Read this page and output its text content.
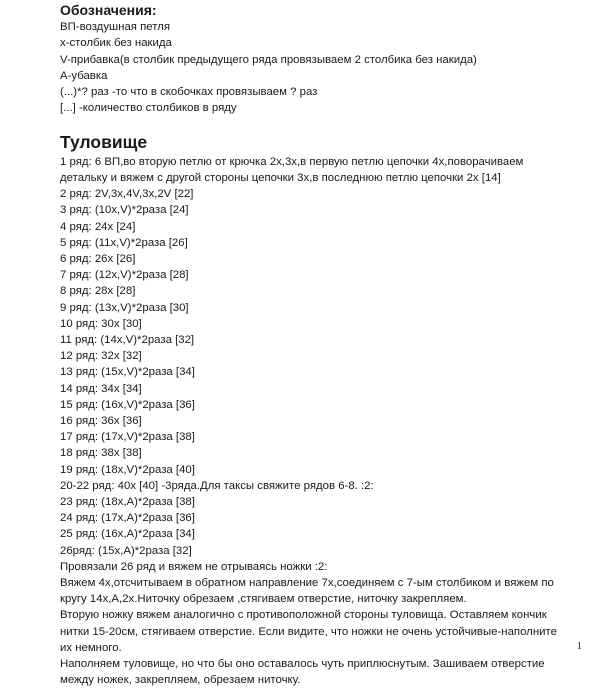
Обозначения:

ВП-воздушная петля

х-столбик без накида

V-прибавка(в столбик предыдущего ряда провязываем 2 столбика без накида)

А-убавка

(...)*? раз -то что в скобочках провязываем ? раз

[...] -количество столбиков в ряду

Туловище

1 ряд: 6 ВП,во вторую петлю от крючка 2х,3х,в первую петлю цепочки 4х,поворачиваем

детальку и вяжем с другой стороны цепочки 3х,в последнюю петлю цепочки 2х [14]

2 ряд: 2V,3х,4V,3х,2V [22]

3 ряд: (10х,V)*2раза [24]

4 ряд: 24х [24]

5 ряд: (11х,V)*2раза [26]

6 ряд: 26х [26]

7 ряд: (12х,V)*2раза [28]

8 ряд: 28х [28]

9 ряд: (13х,V)*2раза [30]

10 ряд: 30х [30]

11 ряд: (14х,V)*2раза [32]

12 ряд: 32х [32]

13 ряд: (15х,V)*2раза [34]

14 ряд: 34х [34]

15 ряд: (16х,V)*2раза [36]

16 ряд: 36х [36]

17 ряд: (17х,V)*2раза [38]

18 ряд: 38х [38]

19 ряд: (18х,V)*2раза [40]

20-22 ряд: 40х [40] -3ряда.Для таксы свяжите рядов 6-8. :2:

23 ряд: (18х,А)*2раза [38]

24 ряд: (17х,А)*2раза [36]

25 ряд: (16х,А)*2раза [34]

26ряд: (15х,А)*2раза [32]

Провязали 26 ряд и вяжем не отрываясь ножки :2:

Вяжем 4х,отсчитываем в обратном направление 7х,соединяем с 7-ым столбиком и вяжем по кругу 14х,А,2х.Ниточку обрезаем ,стягиваем отверстие, ниточку закрепляем.

Вторую ножку вяжем аналогично с противоположной стороны туловища. Оставляем кончик нитки 15-20см, стягиваем отверстие. Если видите, что ножки не очень устойчивые-наполните их немного.

Наполняем туловище, но что бы оно оставалось чуть приплюснутым. Зашиваем отверстие между ножек, закрепляем, обрезаем ниточку.

1
